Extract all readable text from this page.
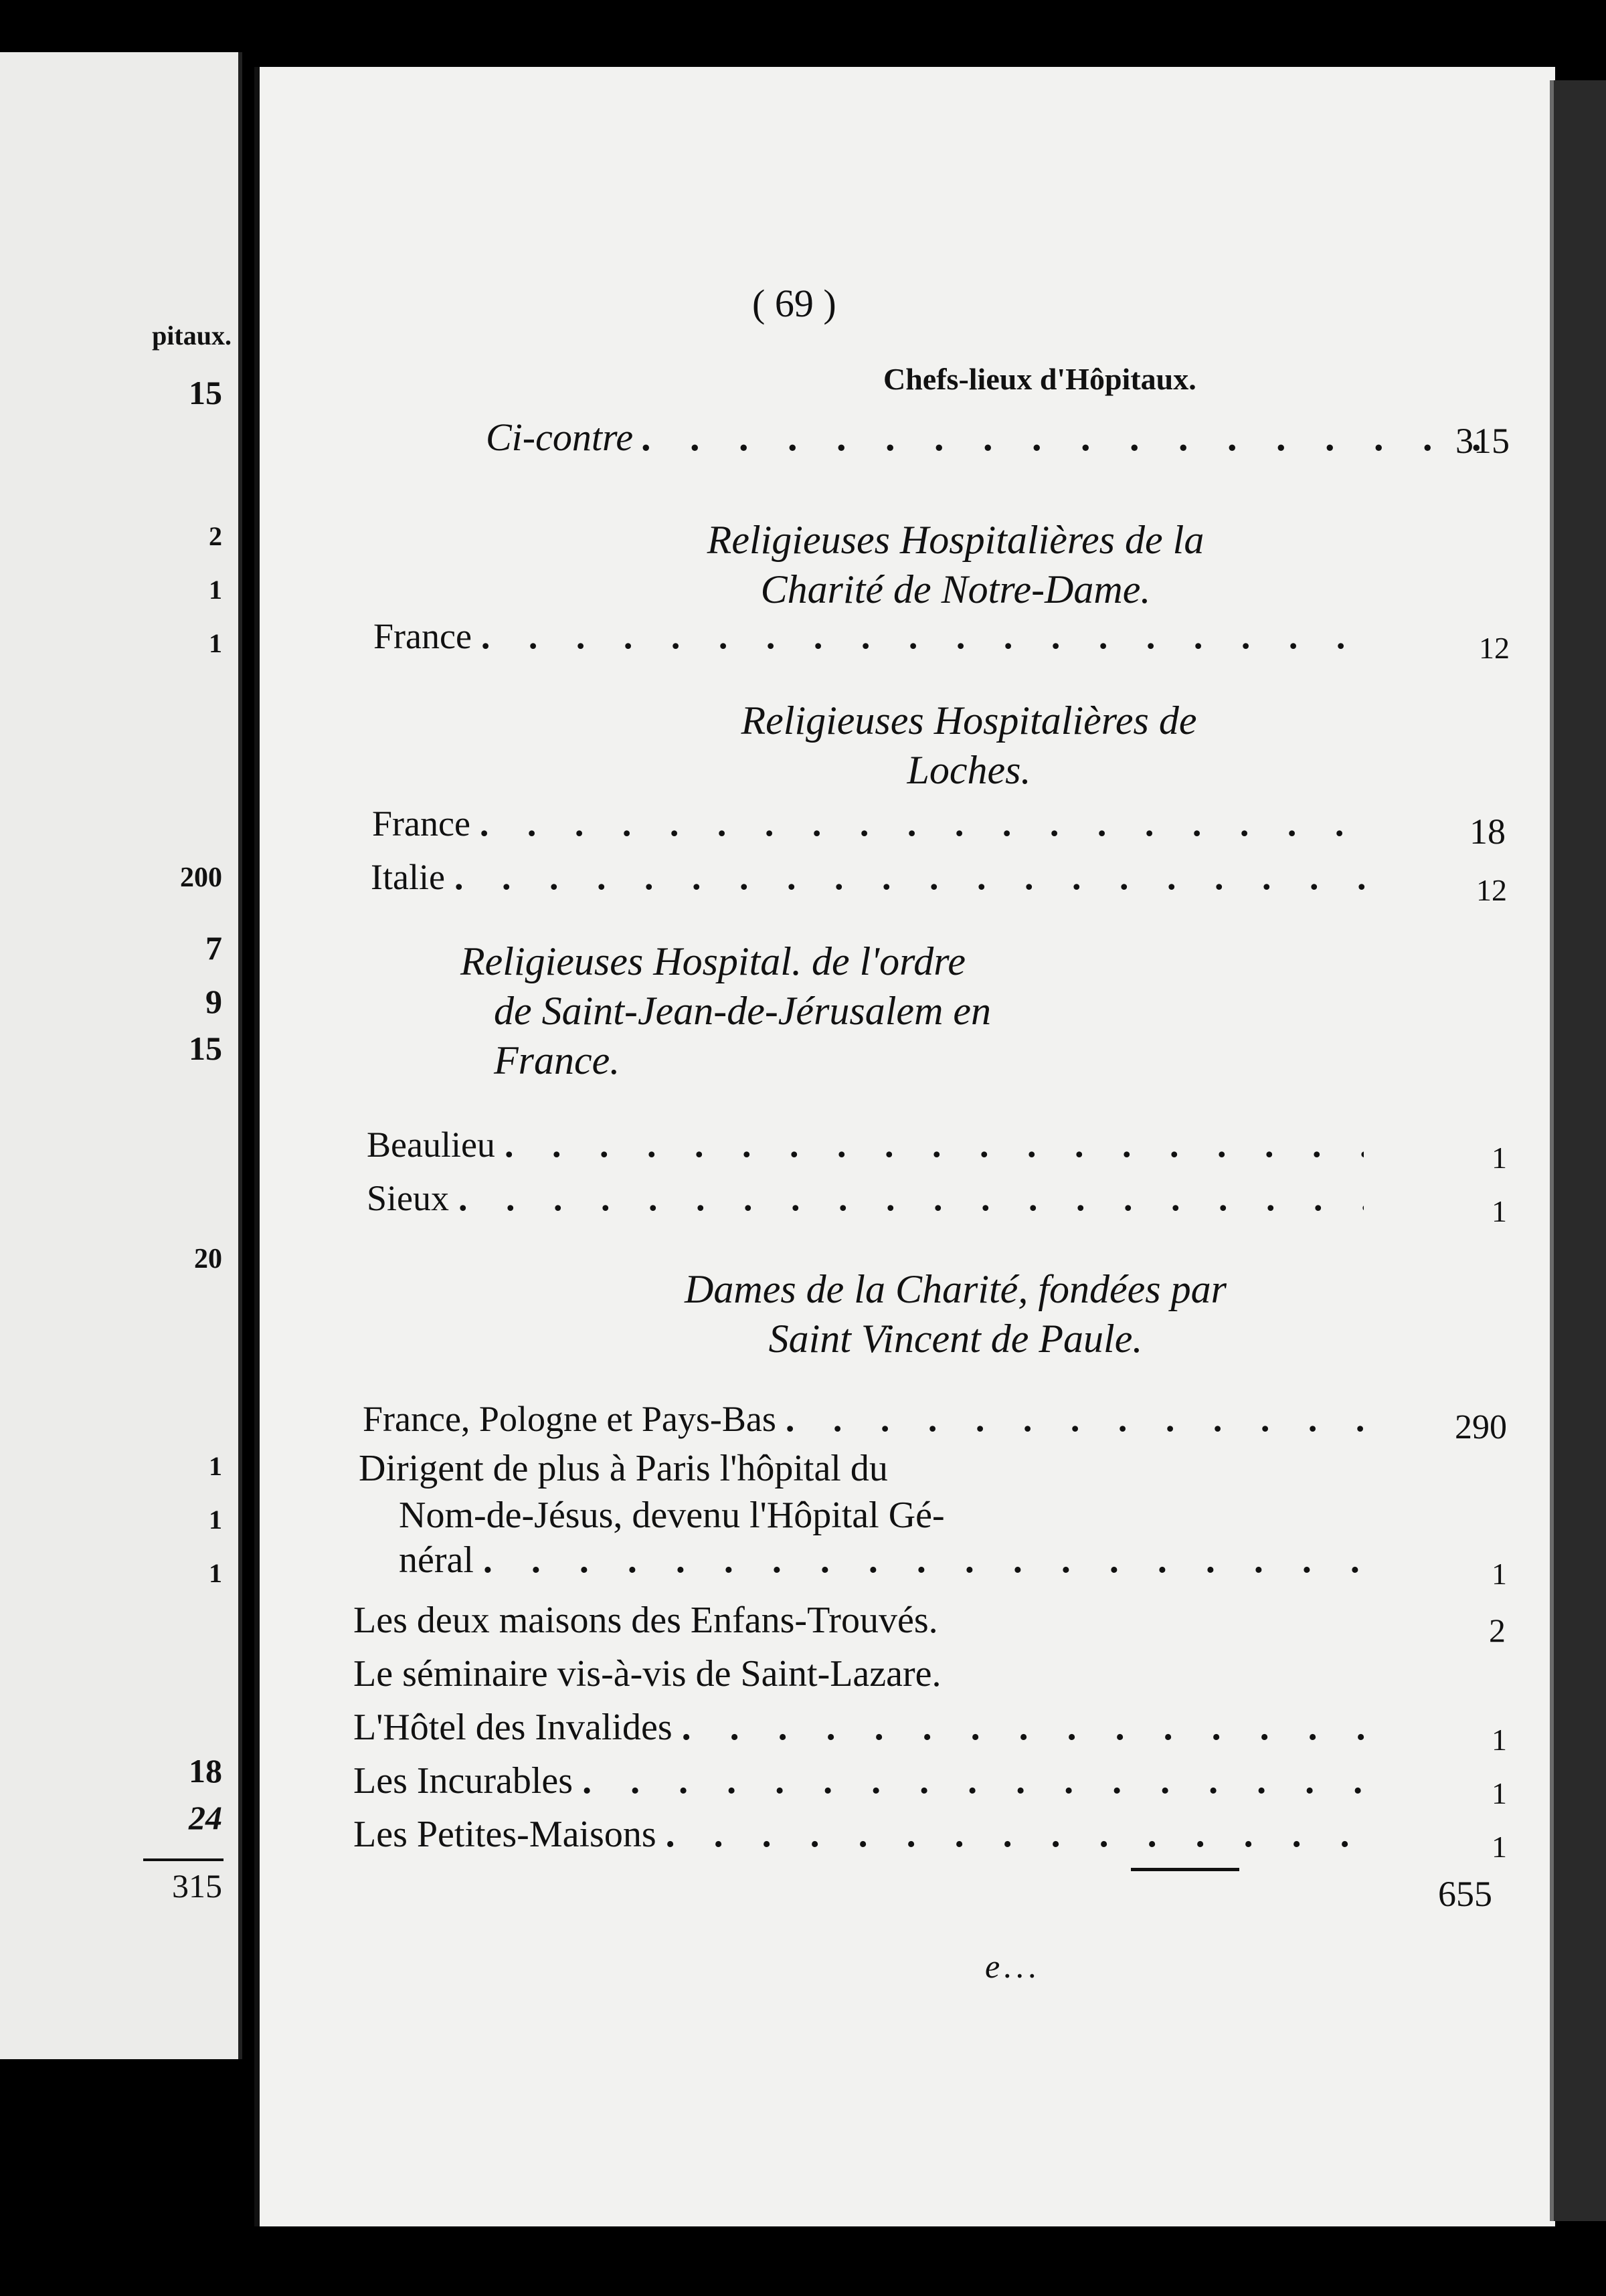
pitaux.
15
2
1
1
200
7
9
15
20
1
1
1
18
24
315
( 69 )
Chefs-lieux d'Hôpitaux.
Ci-contre . . .	315
Religieuses Hospitalières de la
Charité de Notre-Dame.
France . . .	12
Religieuses Hospitalières de
Loches.
France . . .	18
Italie . . .	12
Religieuses Hospital. de l'ordre
de Saint-Jean-de-Jérusalem en
France.
Beaulieu . . .	1
Sieux . . .	1
Dames de la Charité, fondées par
Saint Vincent de Paule.
France, Pologne et Pays-Bas . . .	290
Dirigent de plus à Paris l'hôpital du
Nom-de-Jésus, devenu l'Hôpital Gé-
néral . . .	1
Les deux maisons des Enfans-Trouvés.	2
Le séminaire vis-à-vis de Saint-Lazare.
L'Hôtel des Invalides . . .	1
Les Incurables . . .	1
Les Petites-Maisons . . .	1
655
e...
